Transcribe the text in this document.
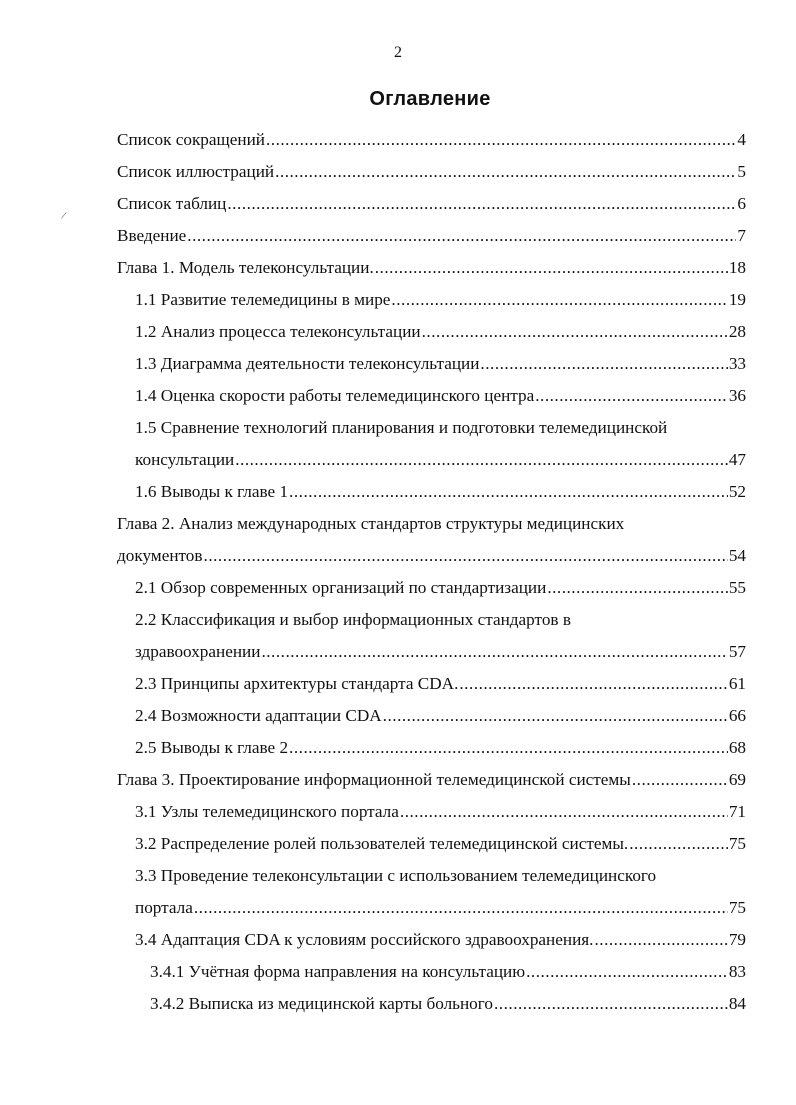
2
/
Оглавление
Список сокращений .....	4
Список иллюстраций .....	5
Список таблиц .....	6
Введение .....	7
Глава 1. Модель телеконсультации. .....	18
1.1 Развитие телемедицины в мире .....	19
1.2 Анализ процесса телеконсультации .....	28
1.3 Диаграмма деятельности телеконсультации .....	33
1.4 Оценка скорости работы телемедицинского центра .....	36
1.5 Сравнение технологий планирования и подготовки телемедицинской
консультации .....	47
1.6 Выводы к главе 1 .....	52
Глава 2. Анализ международных стандартов структуры медицинских
документов .....	54
2.1 Обзор современных организаций по стандартизации .....	55
2.2 Классификация и выбор информационных стандартов в
здравоохранении .....	57
2.3 Принципы архитектуры стандарта CDA. .....	61
2.4 Возможности адаптации CDA .....	66
2.5 Выводы к главе 2 .....	68
Глава 3. Проектирование информационной телемедицинской системы .....	69
3.1 Узлы телемедицинского портала .....	71
3.2 Распределение ролей пользователей телемедицинской системы. .....	75
3.3 Проведение телеконсультации с использованием телемедицинского
портала .....	75
3.4 Адаптация CDA к условиям российского здравоохранения. .....	79
3.4.1 Учётная форма направления на консультацию .....	83
3.4.2 Выписка из медицинской карты больного .....	84
